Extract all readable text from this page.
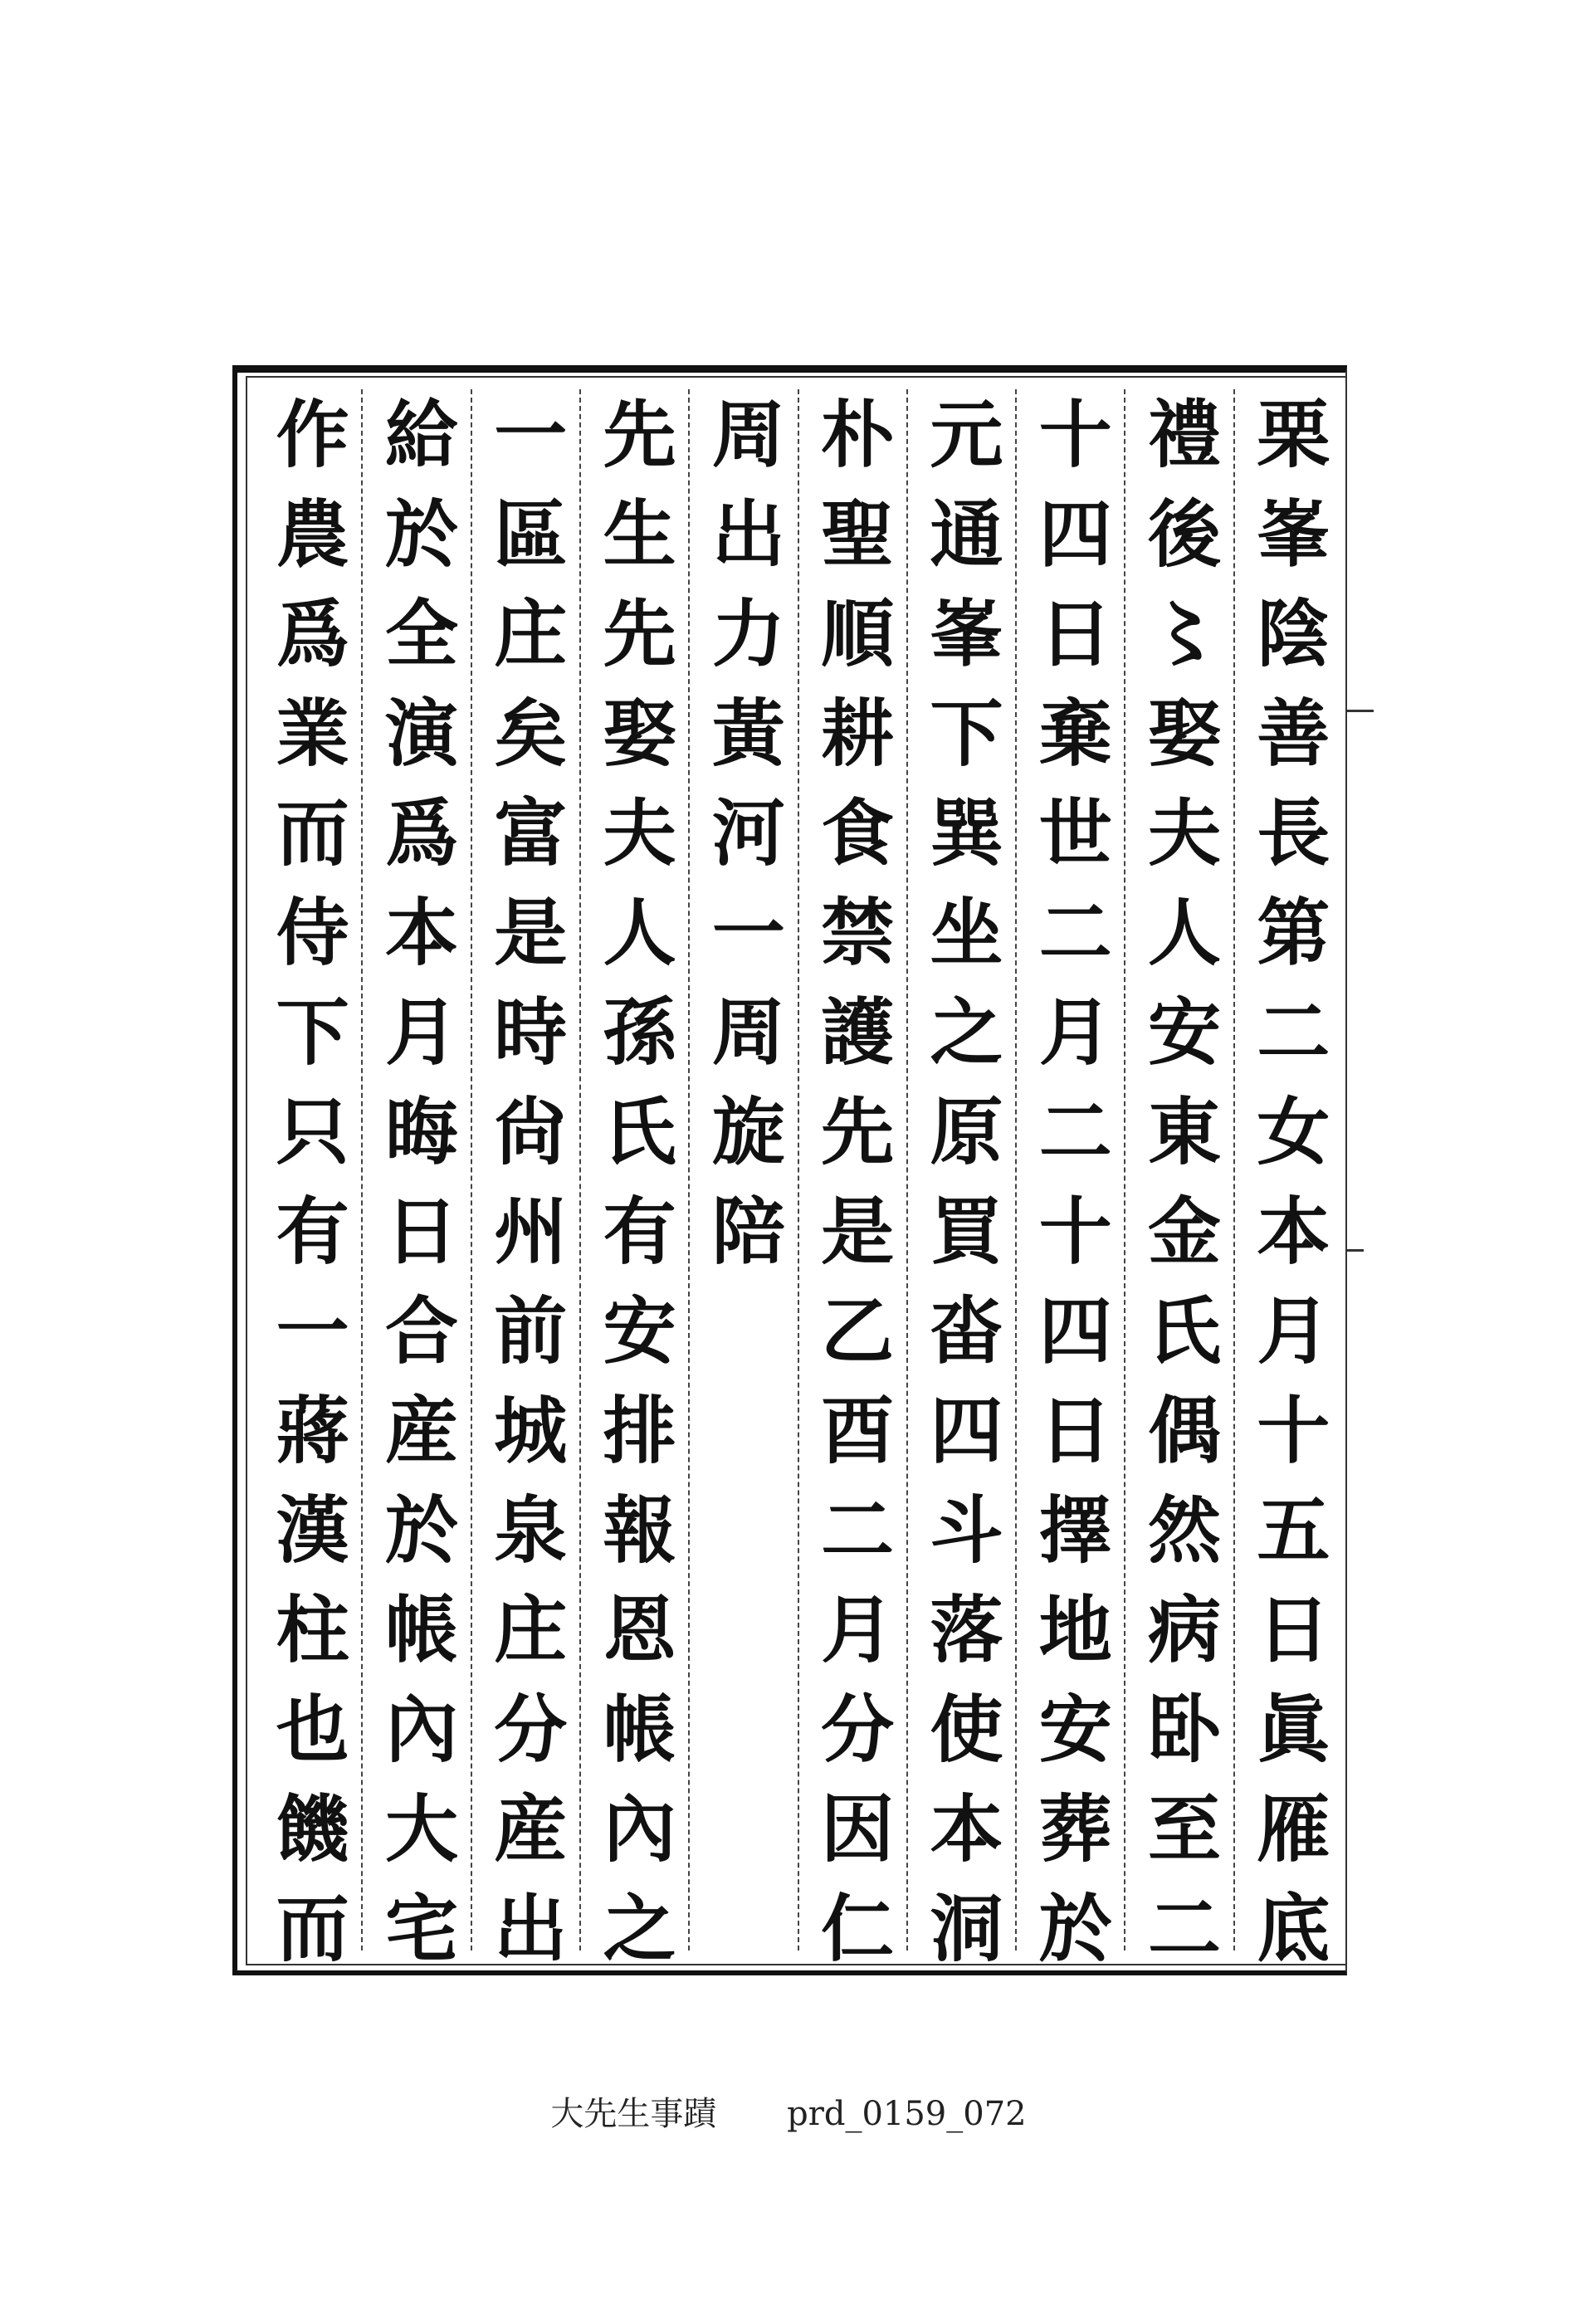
栗峯陰善長第二女本月十五日眞雁底
禮後〻娶夫人安東金氏偶然病卧至二
十四日棄世二月二十四日擇地安葬於
元通峯下巽坐之原買畓四斗落使本洞
朴聖順耕食禁護先是乙酉二月分因仁
周出力黃河一周旋陪
先生先娶夫人孫氏有安排報恩帳內之
一區庄矣富是時尙州前城泉庄分産出
給於全演爲本月晦日合産於帳內大宅
作農爲業而侍下只有一蔣漢柱也饑而
大先生事蹟 prd_0159_072
